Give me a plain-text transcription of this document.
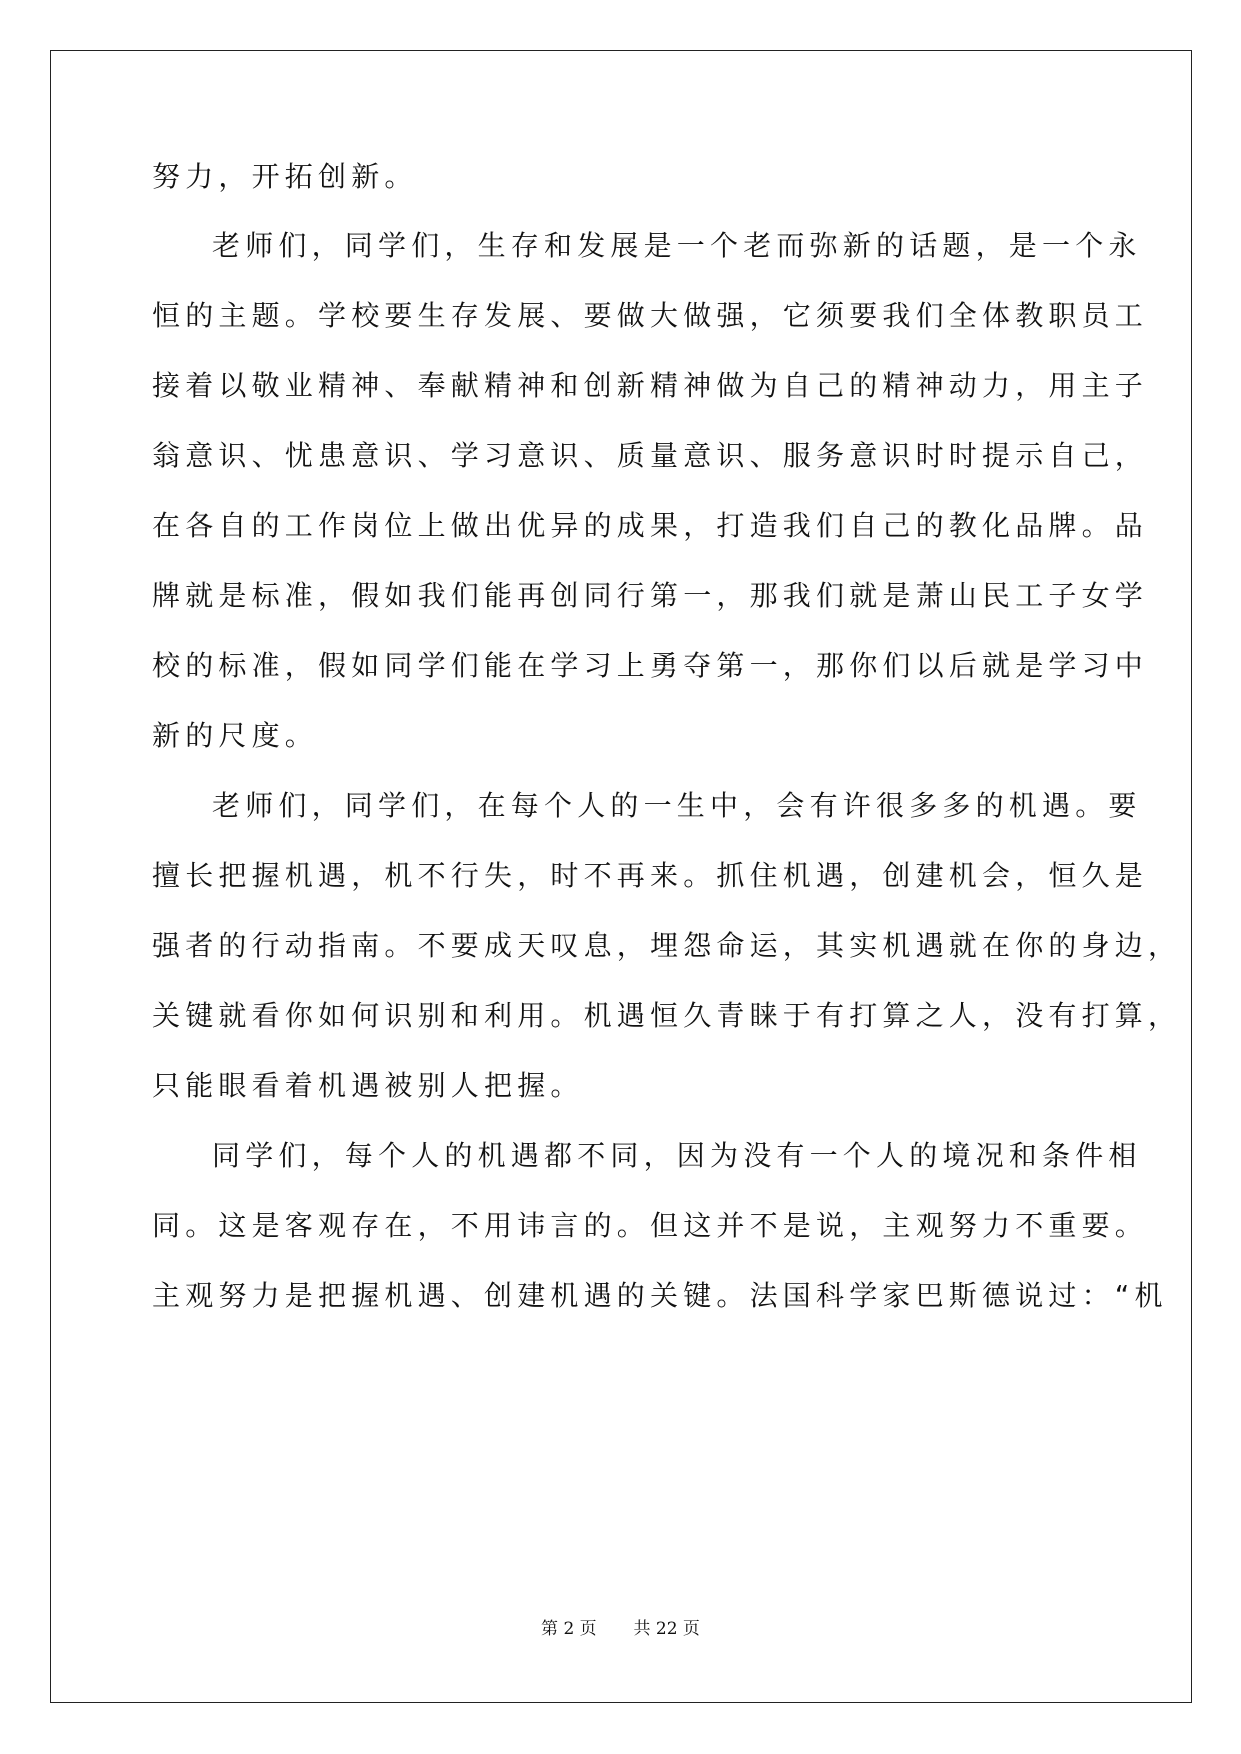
努力，开拓创新。

老师们，同学们，生存和发展是一个老而弥新的话题，是一个永

恒的主题。学校要生存发展、要做大做强，它须要我们全体教职员工

接着以敬业精神、奉献精神和创新精神做为自己的精神动力，用主子

翁意识、忧患意识、学习意识、质量意识、服务意识时时提示自己，

在各自的工作岗位上做出优异的成果，打造我们自己的教化品牌。品

牌就是标准，假如我们能再创同行第一，那我们就是萧山民工子女学

校的标准，假如同学们能在学习上勇夺第一，那你们以后就是学习中

新的尺度。

老师们，同学们，在每个人的一生中，会有许很多多的机遇。要

擅长把握机遇，机不行失，时不再来。抓住机遇，创建机会，恒久是

强者的行动指南。不要成天叹息，埋怨命运，其实机遇就在你的身边，

关键就看你如何识别和利用。机遇恒久青睐于有打算之人，没有打算，

只能眼看着机遇被别人把握。

同学们，每个人的机遇都不同，因为没有一个人的境况和条件相

同。这是客观存在，不用讳言的。但这并不是说，主观努力不重要。

主观努力是把握机遇、创建机遇的关键。法国科学家巴斯德说过：“机

第 2 页 共 22 页
